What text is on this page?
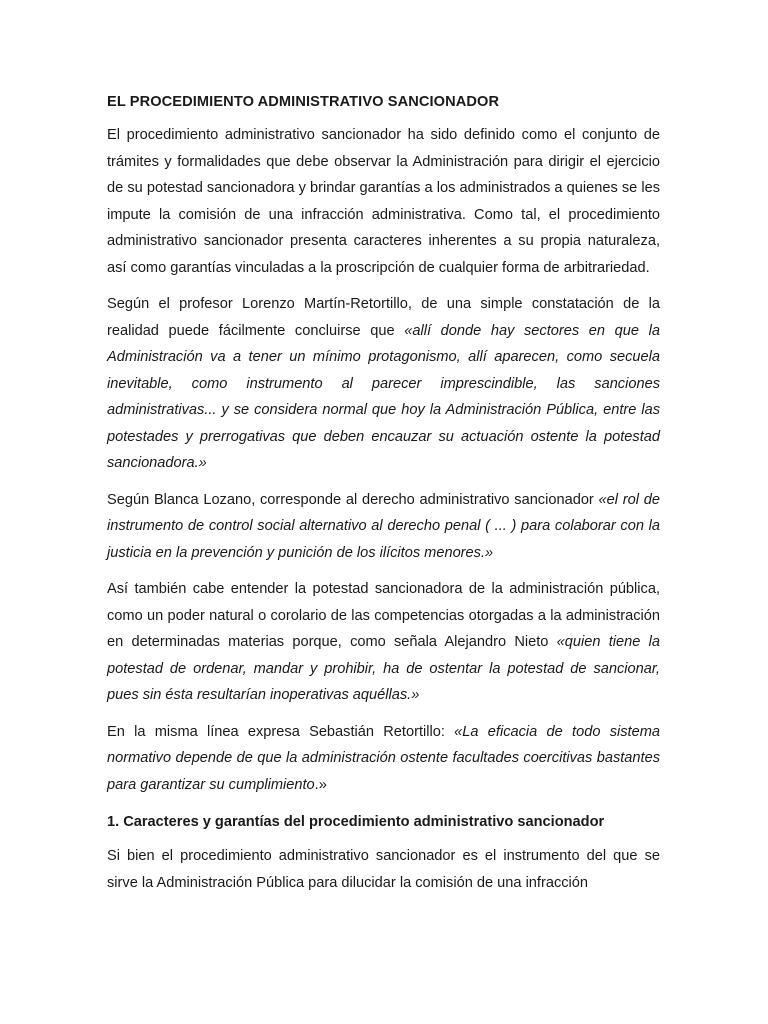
EL PROCEDIMIENTO ADMINISTRATIVO SANCIONADOR

El procedimiento administrativo sancionador ha sido definido como el conjunto de trámites y formalidades que debe observar la Administración para dirigir el ejercicio de su potestad sancionadora y brindar garantías a los administrados a quienes se les impute la comisión de una infracción administrativa. Como tal, el procedimiento administrativo sancionador presenta caracteres inherentes a su propia naturaleza, así como garantías vinculadas a la proscripción de cualquier forma de arbitrariedad.

Según el profesor Lorenzo Martín-Retortillo, de una simple constatación de la realidad puede fácilmente concluirse que «allí donde hay sectores en que la Administración va a tener un mínimo protagonismo, allí aparecen, como secuela inevitable, como instrumento al parecer imprescindible, las sanciones administrativas... y se considera normal que hoy la Administración Pública, entre las potestades y prerrogativas que deben encauzar su actuación ostente la potestad sancionadora.»

Según Blanca Lozano, corresponde al derecho administrativo sancionador «el rol de instrumento de control social alternativo al derecho penal ( ... ) para colaborar con la justicia en la prevención y punición de los ilícitos menores.»

Así también cabe entender la potestad sancionadora de la administración pública, como un poder natural o corolario de las competencias otorgadas a la administración en determinadas materias porque, como señala Alejandro Nieto «quien tiene la potestad de ordenar, mandar y prohibir, ha de ostentar la potestad de sancionar, pues sin ésta resultarían inoperativas aquéllas.»

En la misma línea expresa Sebastián Retortillo: «La eficacia de todo sistema normativo depende de que la administración ostente facultades coercitivas bastantes para garantizar su cumplimiento.»

1. Caracteres y garantías del procedimiento administrativo sancionador

Si bien el procedimiento administrativo sancionador es el instrumento del que se sirve la Administración Pública para dilucidar la comisión de una infracción
